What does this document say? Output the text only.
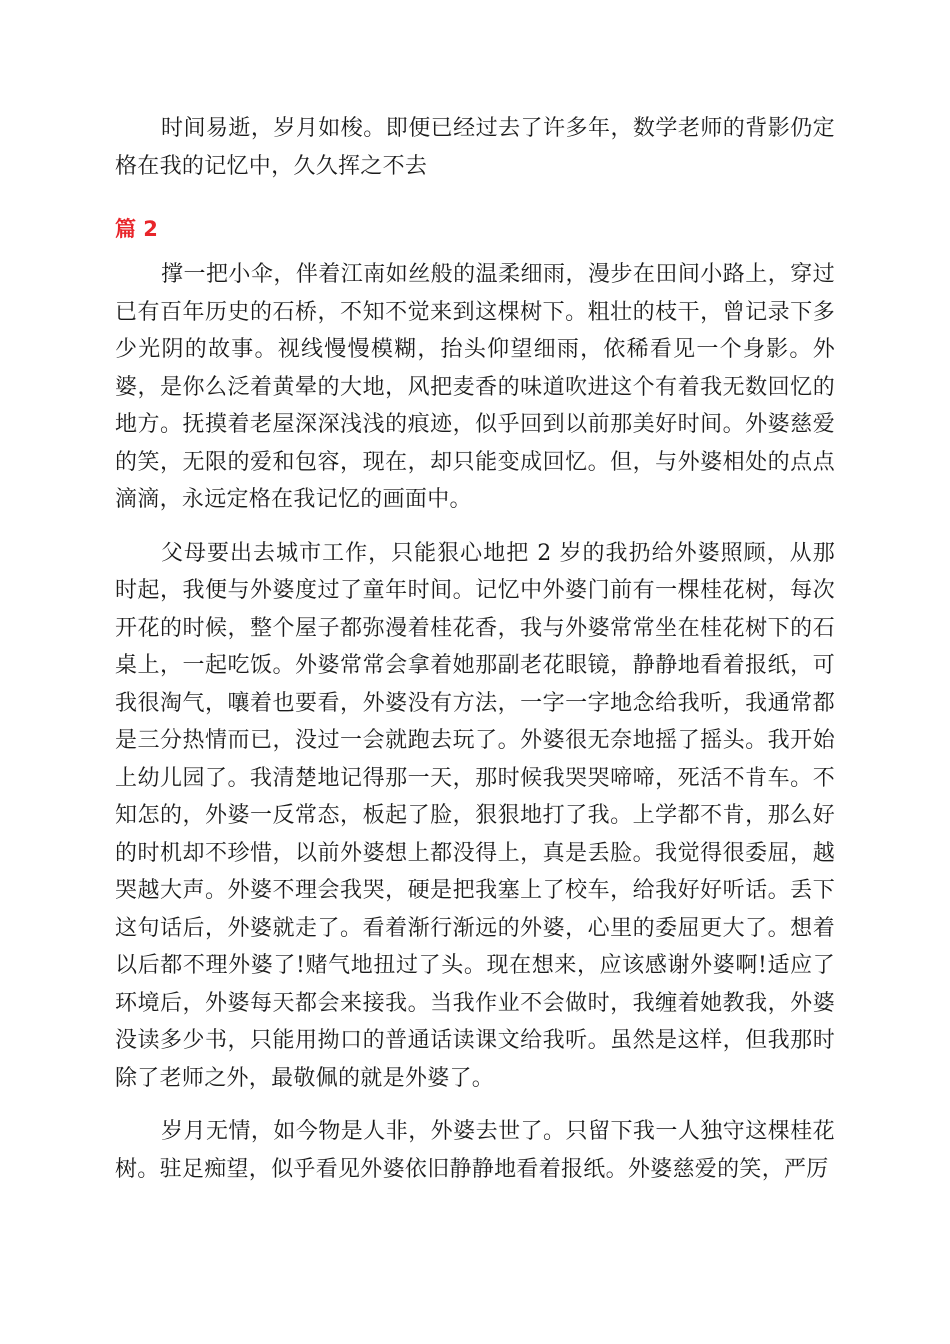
时间易逝，岁月如梭。即便已经过去了许多年，数学老师的背影仍定格在我的记忆中，久久挥之不去

篇 2

撑一把小伞，伴着江南如丝般的温柔细雨，漫步在田间小路上，穿过已有百年历史的石桥，不知不觉来到这棵树下。粗壮的枝干，曾记录下多少光阴的故事。视线慢慢模糊，抬头仰望细雨，依稀看见一个身影。外婆，是你么泛着黄晕的大地，风把麦香的味道吹进这个有着我无数回忆的地方。抚摸着老屋深深浅浅的痕迹，似乎回到以前那美好时间。外婆慈爱的笑，无限的爱和包容，现在，却只能变成回忆。但，与外婆相处的点点滴滴，永远定格在我记忆的画面中。

父母要出去城市工作，只能狠心地把 2 岁的我扔给外婆照顾，从那时起，我便与外婆度过了童年时间。记忆中外婆门前有一棵桂花树，每次开花的时候，整个屋子都弥漫着桂花香，我与外婆常常坐在桂花树下的石桌上，一起吃饭。外婆常常会拿着她那副老花眼镜，静静地看着报纸，可我很淘气，嚷着也要看，外婆没有方法，一字一字地念给我听，我通常都是三分热情而已，没过一会就跑去玩了。外婆很无奈地摇了摇头。我开始上幼儿园了。我清楚地记得那一天，那时候我哭哭啼啼，死活不肯车。不知怎的，外婆一反常态，板起了脸，狠狠地打了我。上学都不肯，那么好的时机却不珍惜，以前外婆想上都没得上，真是丢脸。我觉得很委屈，越哭越大声。外婆不理会我哭，硬是把我塞上了校车，给我好好听话。丢下这句话后，外婆就走了。看着渐行渐远的外婆，心里的委屈更大了。想着以后都不理外婆了!赌气地扭过了头。现在想来，应该感谢外婆啊!适应了环境后，外婆每天都会来接我。当我作业不会做时，我缠着她教我，外婆没读多少书，只能用拗口的普通话读课文给我听。虽然是这样，但我那时除了老师之外，最敬佩的就是外婆了。

岁月无情，如今物是人非，外婆去世了。只留下我一人独守这棵桂花树。驻足痴望，似乎看见外婆依旧静静地看着报纸。外婆慈爱的笑，严厉
